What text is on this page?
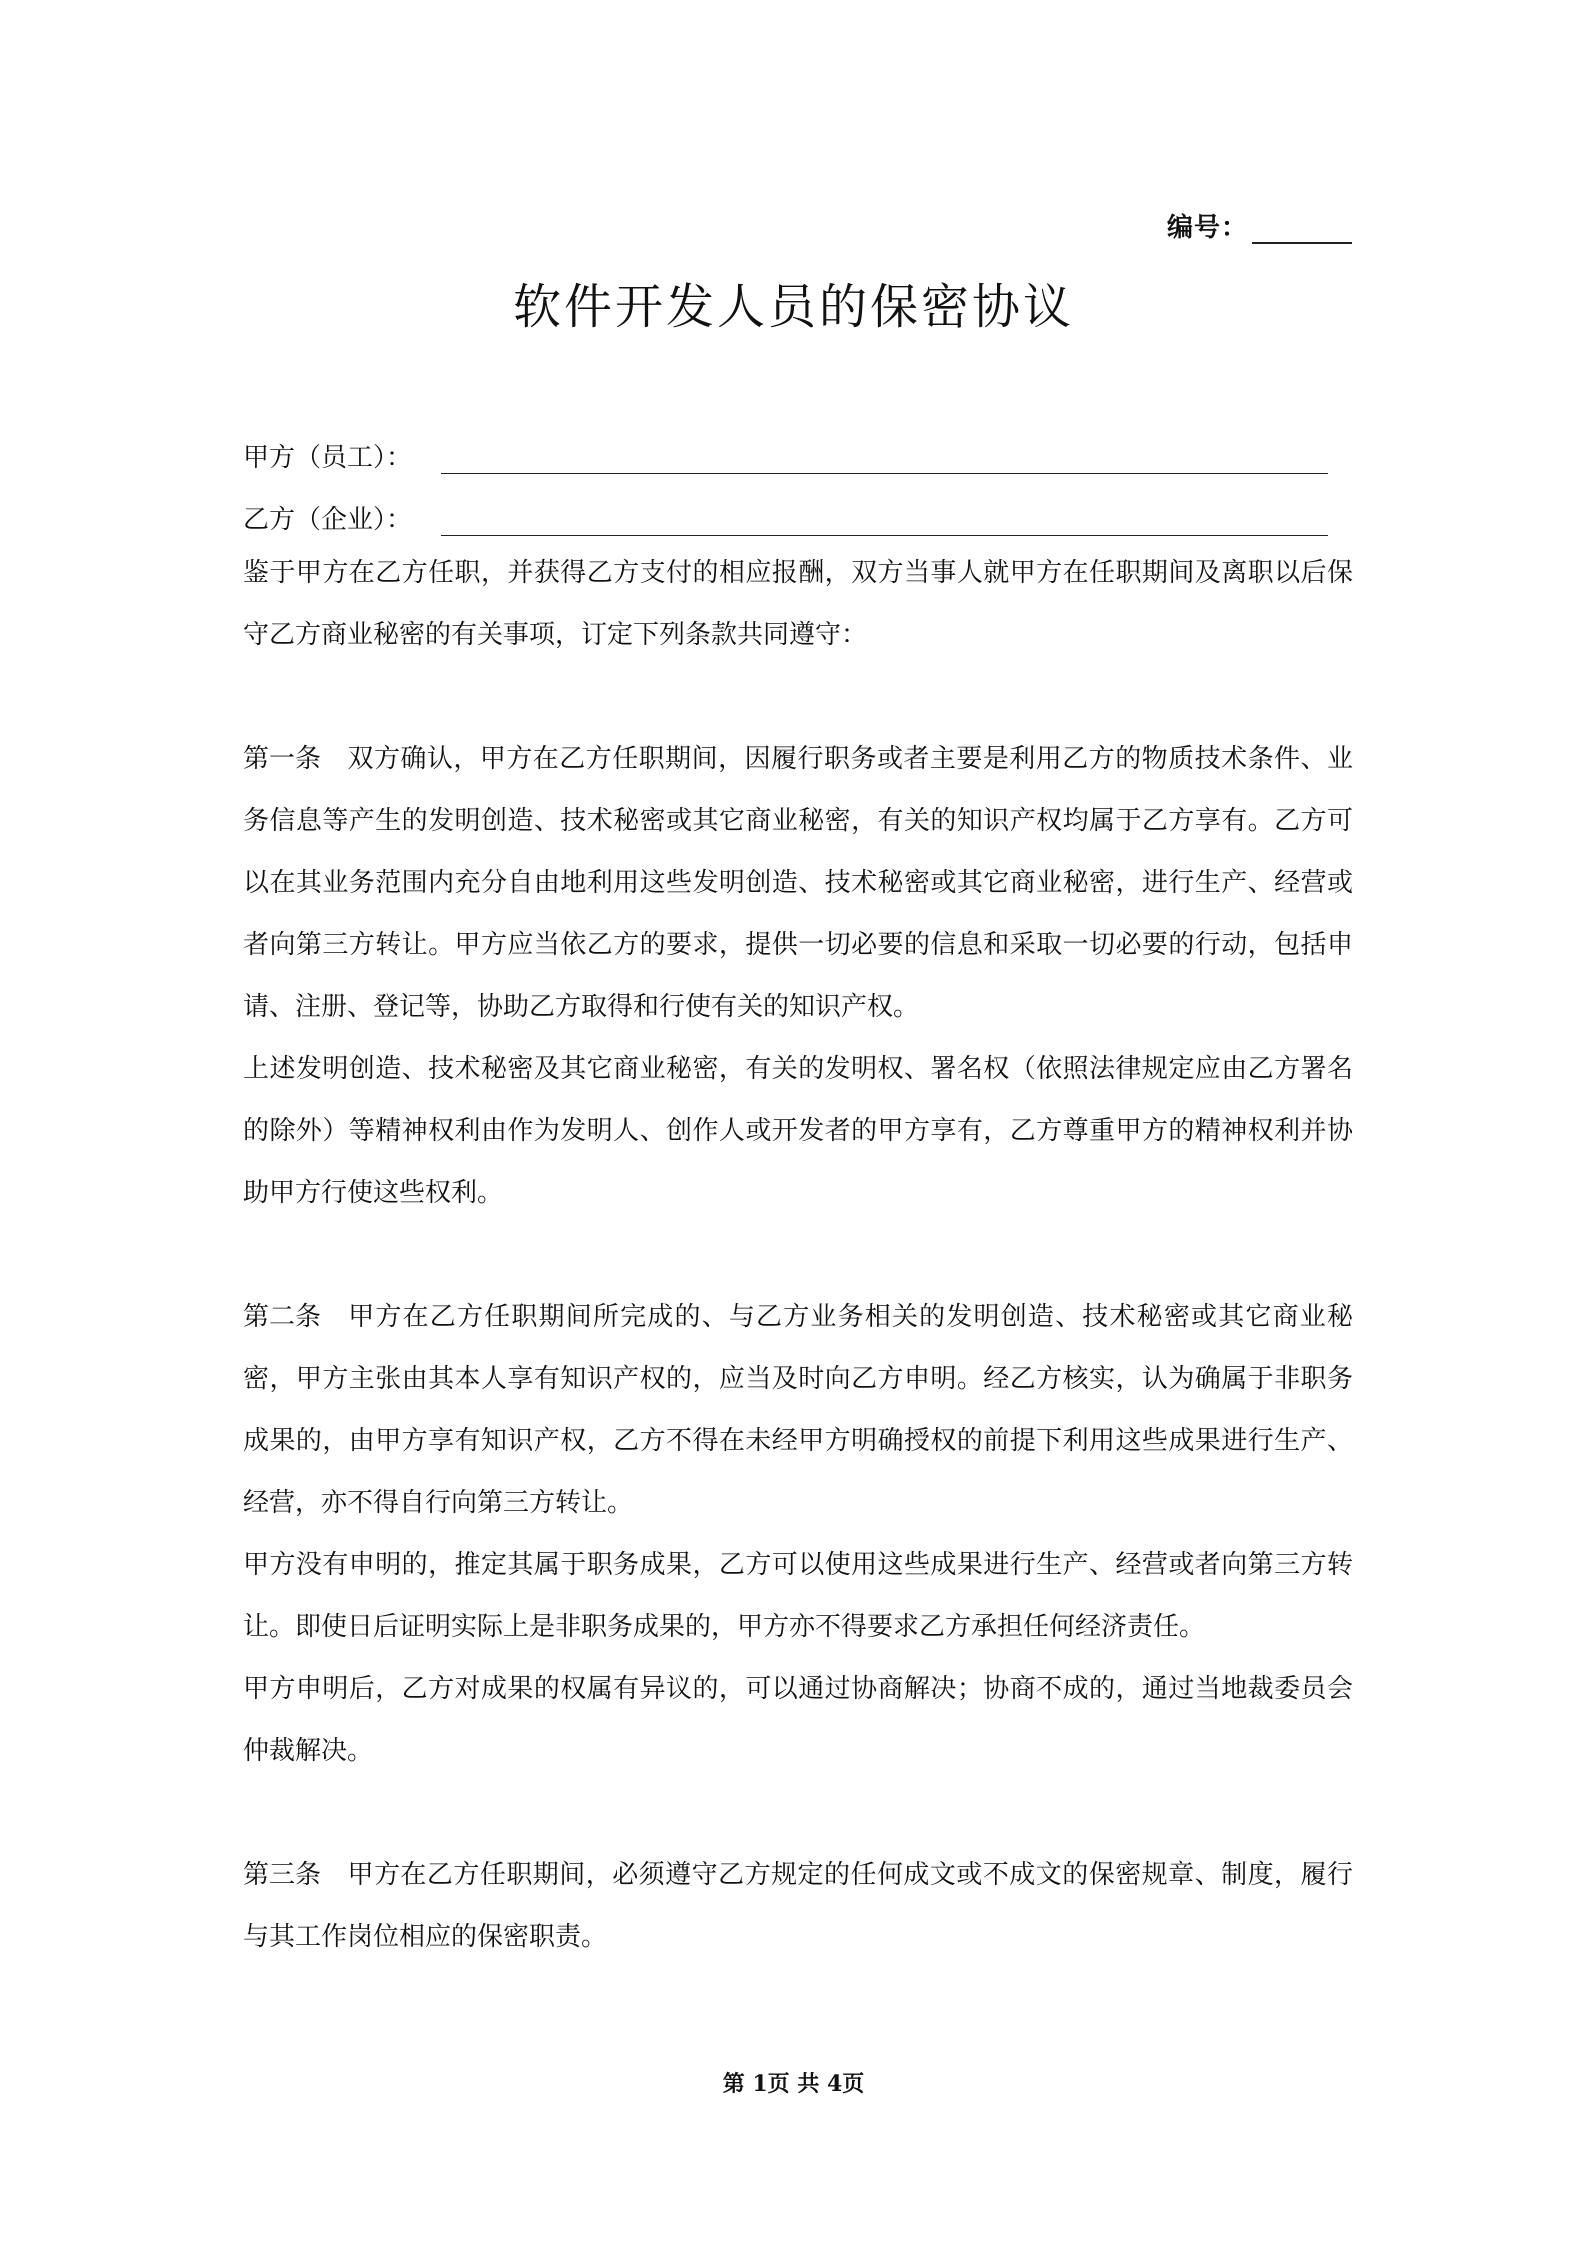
编号：
软件开发人员的保密协议
甲方（员工）：
乙方（企业）：

鉴于甲方在乙方任职，并获得乙方支付的相应报酬，双方当事人就甲方在任职期间及离职以后保守乙方商业秘密的有关事项，订定下列条款共同遵守：

第一条 双方确认，甲方在乙方任职期间，因履行职务或者主要是利用乙方的物质技术条件、业务信息等产生的发明创造、技术秘密或其它商业秘密，有关的知识产权均属于乙方享有。乙方可以在其业务范围内充分自由地利用这些发明创造、技术秘密或其它商业秘密，进行生产、经营或者向第三方转让。甲方应当依乙方的要求，提供一切必要的信息和采取一切必要的行动，包括申请、注册、登记等，协助乙方取得和行使有关的知识产权。

上述发明创造、技术秘密及其它商业秘密，有关的发明权、署名权（依照法律规定应由乙方署名的除外）等精神权利由作为发明人、创作人或开发者的甲方享有，乙方尊重甲方的精神权利并协助甲方行使这些权利。

第二条 甲方在乙方任职期间所完成的、与乙方业务相关的发明创造、技术秘密或其它商业秘密，甲方主张由其本人享有知识产权的，应当及时向乙方申明。经乙方核实，认为确属于非职务成果的，由甲方享有知识产权，乙方不得在未经甲方明确授权的前提下利用这些成果进行生产、经营，亦不得自行向第三方转让。

甲方没有申明的，推定其属于职务成果，乙方可以使用这些成果进行生产、经营或者向第三方转让。即使日后证明实际上是非职务成果的，甲方亦不得要求乙方承担任何经济责任。

甲方申明后，乙方对成果的权属有异议的，可以通过协商解决；协商不成的，通过当地裁委员会仲裁解决。

第三条 甲方在乙方任职期间，必须遵守乙方规定的任何成文或不成文的保密规章、制度，履行与其工作岗位相应的保密职责。

第 1页 共 4页
